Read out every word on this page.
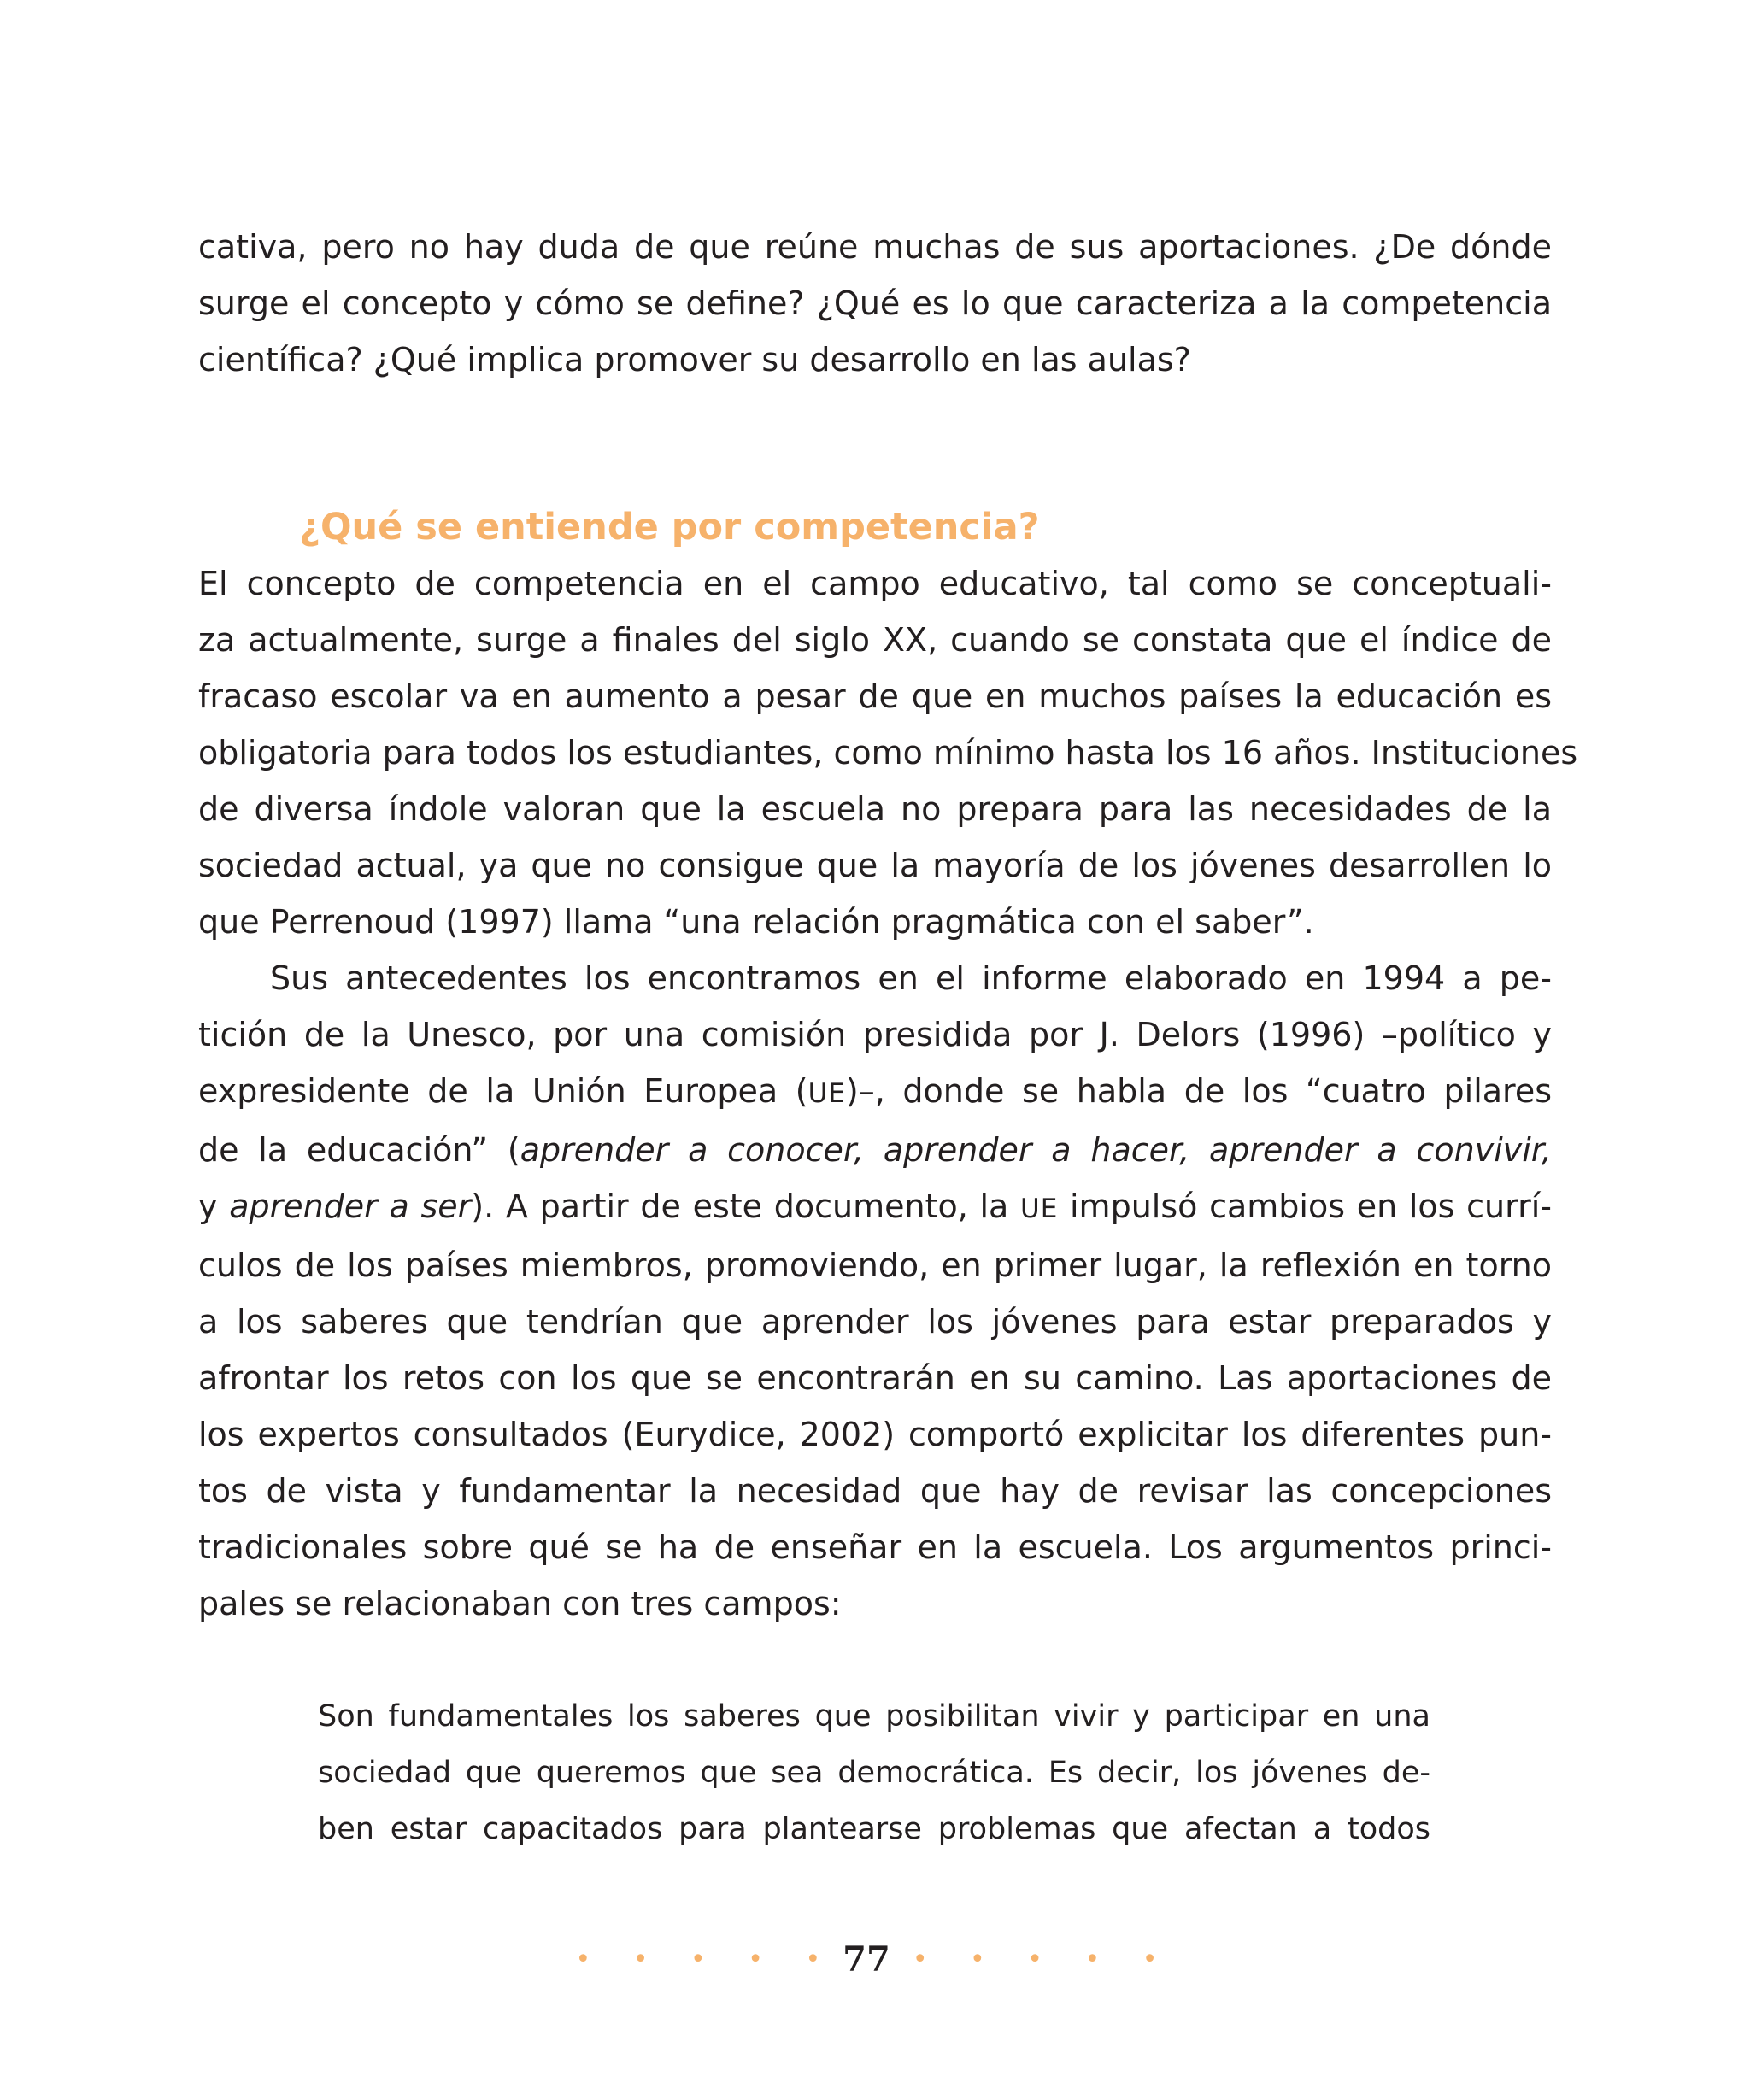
cativa, pero no hay duda de que reúne muchas de sus aportaciones. ¿De dónde
surge el concepto y cómo se define? ¿Qué es lo que caracteriza a la competencia
científica? ¿Qué implica promover su desarrollo en las aulas?

¿Qué se entiende por competencia?

El concepto de competencia en el campo educativo, tal como se conceptuali-
za actualmente, surge a finales del siglo XX, cuando se constata que el índice de
fracaso escolar va en aumento a pesar de que en muchos países la educación es
obligatoria para todos los estudiantes, como mínimo hasta los 16 años. Instituciones
de diversa índole valoran que la escuela no prepara para las necesidades de la
sociedad actual, ya que no consigue que la mayoría de los jóvenes desarrollen lo
que Perrenoud (1997) llama “una relación pragmática con el saber”.

Sus antecedentes los encontramos en el informe elaborado en 1994 a pe-
tición de la Unesco, por una comisión presidida por J. Delors (1996) –político y
expresidente de la Unión Europea (UE)–, donde se habla de los “cuatro pilares
de la educación” (aprender a conocer, aprender a hacer, aprender a convivir,
y aprender a ser). A partir de este documento, la UE impulsó cambios en los currí-
culos de los países miembros, promoviendo, en primer lugar, la reflexión en torno
a los saberes que tendrían que aprender los jóvenes para estar preparados y
afrontar los retos con los que se encontrarán en su camino. Las aportaciones de
los expertos consultados (Eurydice, 2002) comportó explicitar los diferentes pun-
tos de vista y fundamentar la necesidad que hay de revisar las concepciones
tradicionales sobre qué se ha de enseñar en la escuela. Los argumentos princi-
pales se relacionaban con tres campos:

Son fundamentales los saberes que posibilitan vivir y participar en una
sociedad que queremos que sea democrática. Es decir, los jóvenes de-
ben estar capacitados para plantearse problemas que afectan a todos

• • • • • 77 • • • • •
